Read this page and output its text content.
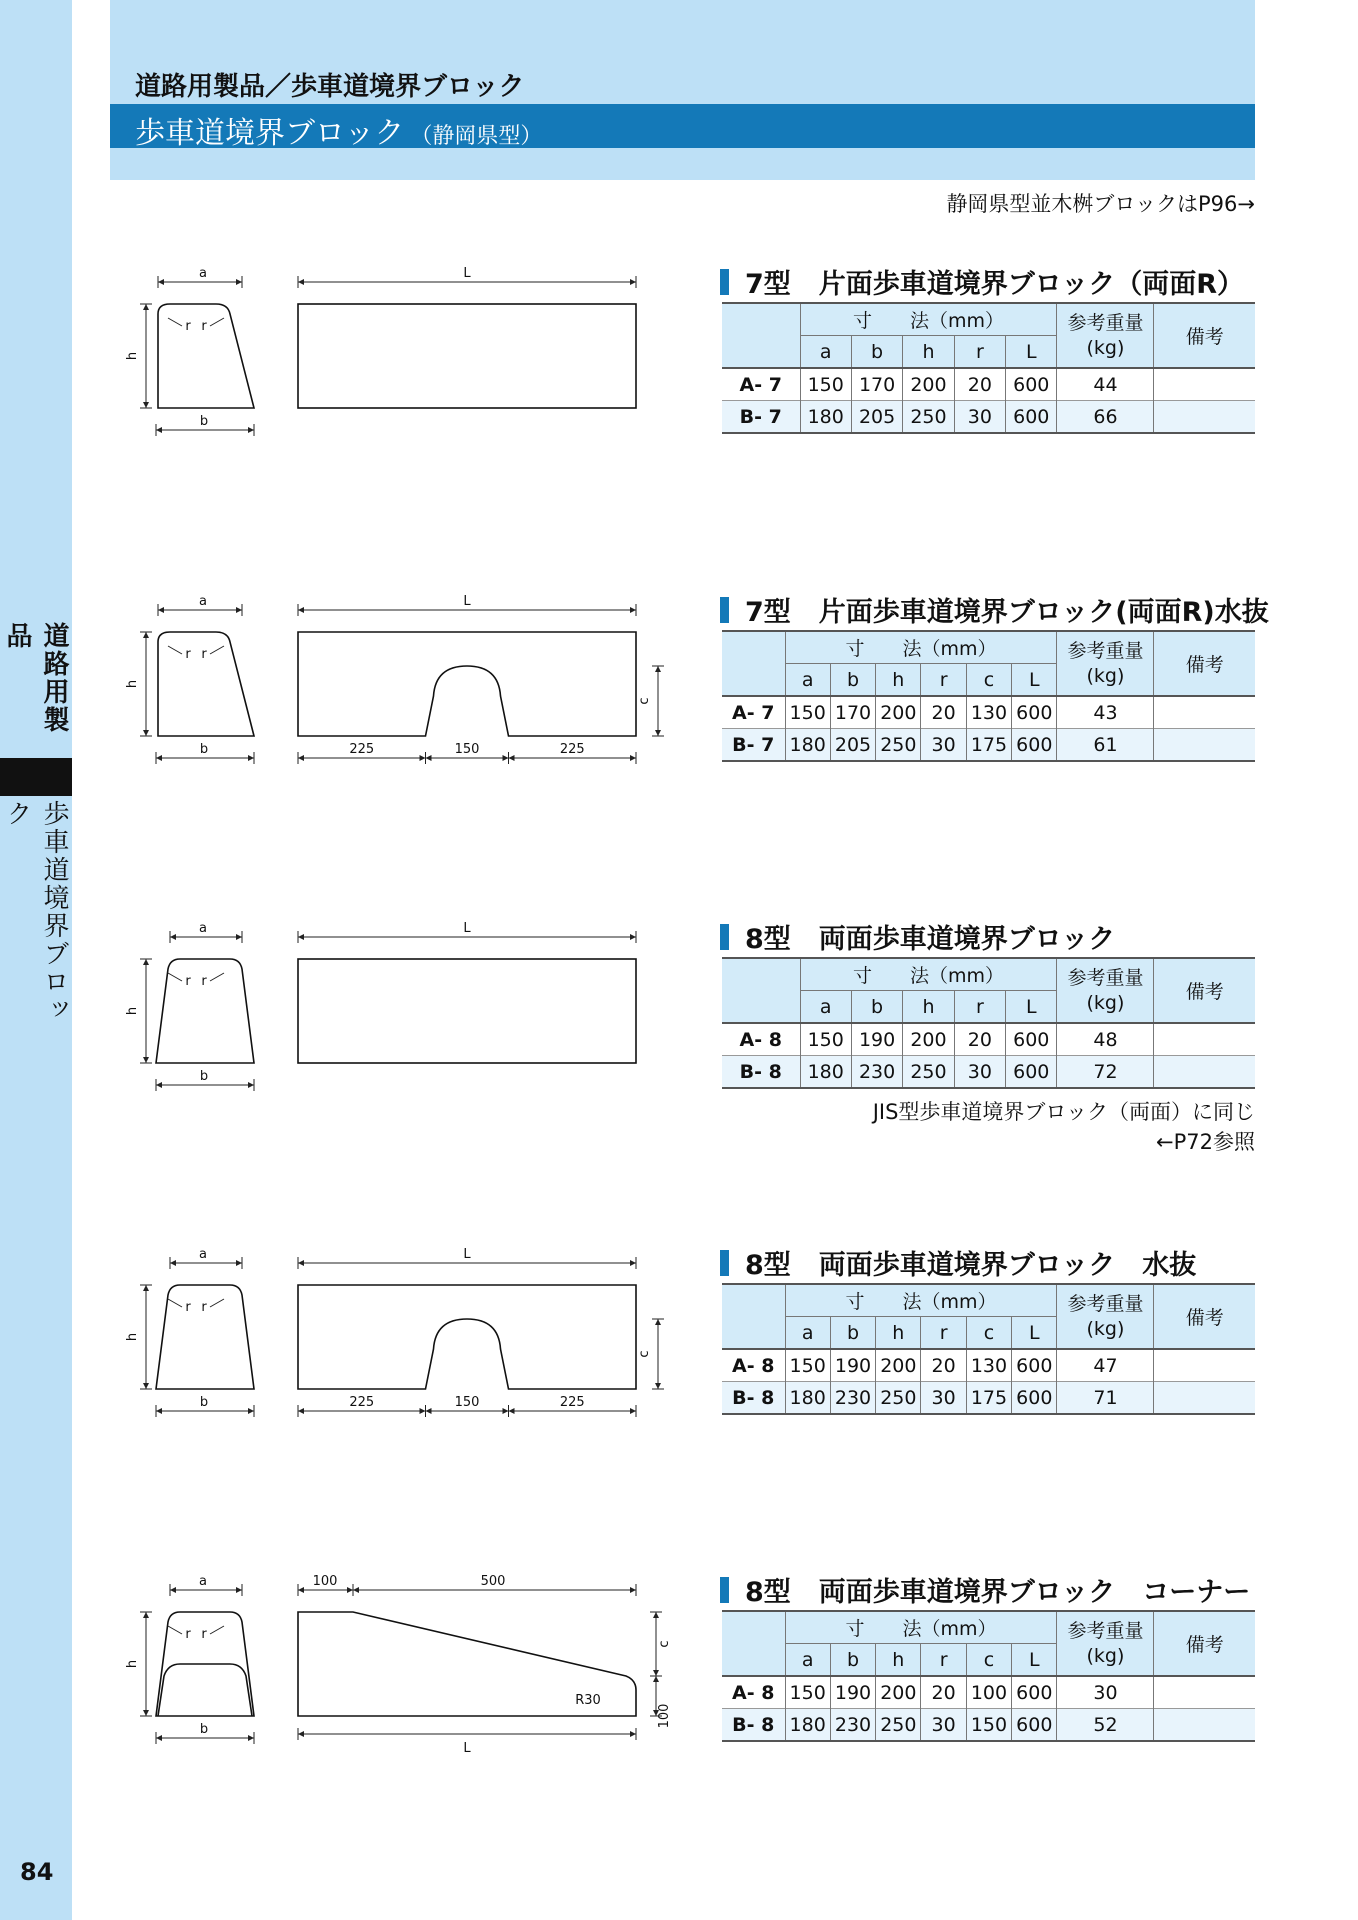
道路用製品
歩車道境界ブロック
84
道路用製品／歩車道境界ブロック
歩車道境界ブロック （静岡県型）
静岡県型並木桝ブロックはP96→
7型 片面歩車道境界ブロック（両面R）
	寸　　法（mm）					参考重量
(kg)	備考
	a	b	h	r	L		
A- 7	150	170	200	20	600	44	
B- 7	180	205	250	30	600	66	
r r
a
b
h
L
7型 片面歩車道境界ブロック(両面R)水抜
	寸　　法（mm）						参考重量
(kg)	備考
	a	b	h	r	c	L		
A- 7	150	170	200	20	130	600	43	
B- 7	180	205	250	30	175	600	61	
r r
a
b
h
225	150	225
c
L
8型 両面歩車道境界ブロック
	寸　　法（mm）					参考重量
(kg)	備考
	a	b	h	r	L		
A- 8	150	190	200	20	600	48	
B- 8	180	230	250	30	600	72	
r r
a
b
h
L
JIS型歩車道境界ブロック（両面）に同じ
←P72参照
8型 両面歩車道境界ブロック　水抜
	寸　　法（mm）						参考重量
(kg)	備考
	a	b	h	r	c	L		
A- 8	150	190	200	20	130	600	47	
B- 8	180	230	250	30	175	600	71	
r r
a
b
h
225	150	225
c
L
8型 両面歩車道境界ブロック　コーナー
	寸　　法（mm）						参考重量
(kg)	備考
	a	b	h	r	c	L		
A- 8	150	190	200	20	100	600	30	
B- 8	180	230	250	30	150	600	52	
r r
a
b
h
100	500
L
c
100
R30
